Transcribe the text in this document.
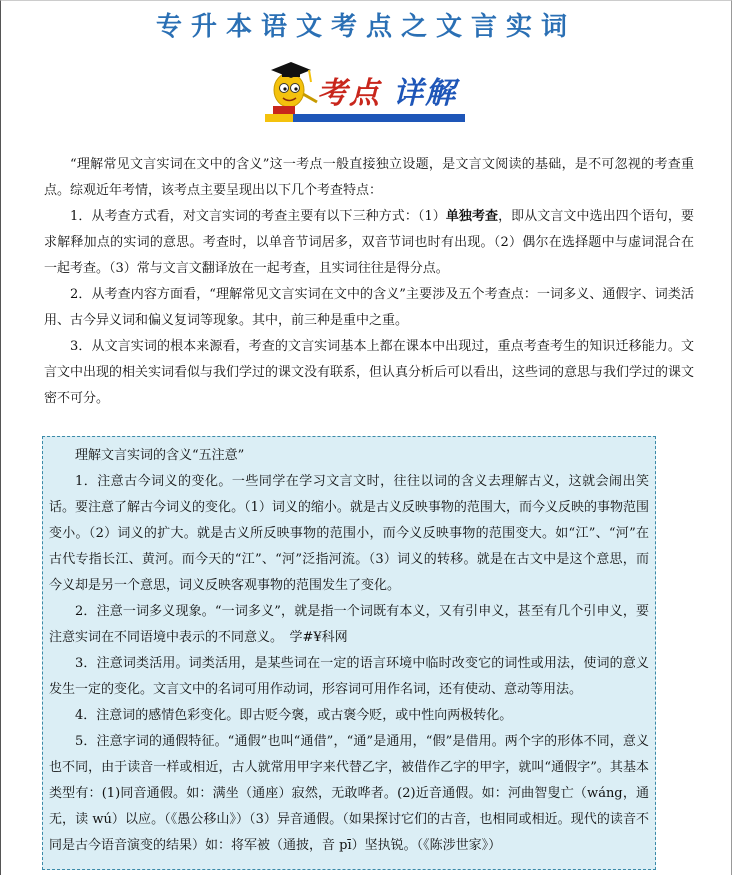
专升本语文考点之文言实词
考点 详解

“理解常见文言实词在文中的含义”这一考点一般直接独立设题，是文言文阅读的基础，是不可忽视的考查重点。综观近年考情，该考点主要呈现出以下几个考查特点：

1．从考查方式看，对文言实词的考查主要有以下三种方式：（1）单独考查，即从文言文中选出四个语句，要求解释加点的实词的意思。考查时，以单音节词居多，双音节词也时有出现。（2）偶尔在选择题中与虚词混合在一起考查。（3）常与文言文翻译放在一起考查，且实词往往是得分点。

2．从考查内容方面看，“理解常见文言实词在文中的含义”主要涉及五个考查点：一词多义、通假字、词类活用、古今异义词和偏义复词等现象。其中，前三种是重中之重。

3．从文言实词的根本来源看，考查的文言实词基本上都在课本中出现过，重点考查考生的知识迁移能力。文言文中出现的相关实词看似与我们学过的课文没有联系，但认真分析后可以看出，这些词的意思与我们学过的课文密不可分。

理解文言实词的含义“五注意”

1．注意古今词义的变化。一些同学在学习文言文时，往往以词的含义去理解古义，这就会闹出笑话。要注意了解古今词义的变化。（1）词义的缩小。就是古义反映事物的范围大，而今义反映的事物范围变小。（2）词义的扩大。就是古义所反映事物的范围小，而今义反映事物的范围变大。如“江”、“河”在古代专指长江、黄河。而今天的“江”、“河”泛指河流。（3）词义的转移。就是在古文中是这个意思，而今义却是另一个意思，词义反映客观事物的范围发生了变化。

2．注意一词多义现象。“一词多义”，就是指一个词既有本义，又有引申义，甚至有几个引申义，要注意实词在不同语境中表示的不同意义。　学#¥科网

3．注意词类活用。词类活用，是某些词在一定的语言环境中临时改变它的词性或用法，使词的意义发生一定的变化。文言文中的名词可用作动词，形容词可用作名词，还有使动、意动等用法。

4．注意词的感情色彩变化。即古贬今褒，或古褒今贬，或中性向两极转化。

5．注意字词的通假特征。“通假”也叫“通借”，“通”是通用，“假”是借用。两个字的形体不同，意义也不同，由于读音一样或相近，古人就常用甲字来代替乙字，被借作乙字的甲字，就叫“通假字”。其基本类型有：(1)同音通假。如：满坐（通座）寂然，无敢哗者。(2)近音通假。如：河曲智叟亡（wáng，通无，读 wú）以应。（《愚公移山》）（3）异音通假。（如果探讨它们的古音，也相同或相近。现代的读音不同是古今语音演变的结果）如：将军被（通披，音 pī）坚执锐。（《陈涉世家》）
